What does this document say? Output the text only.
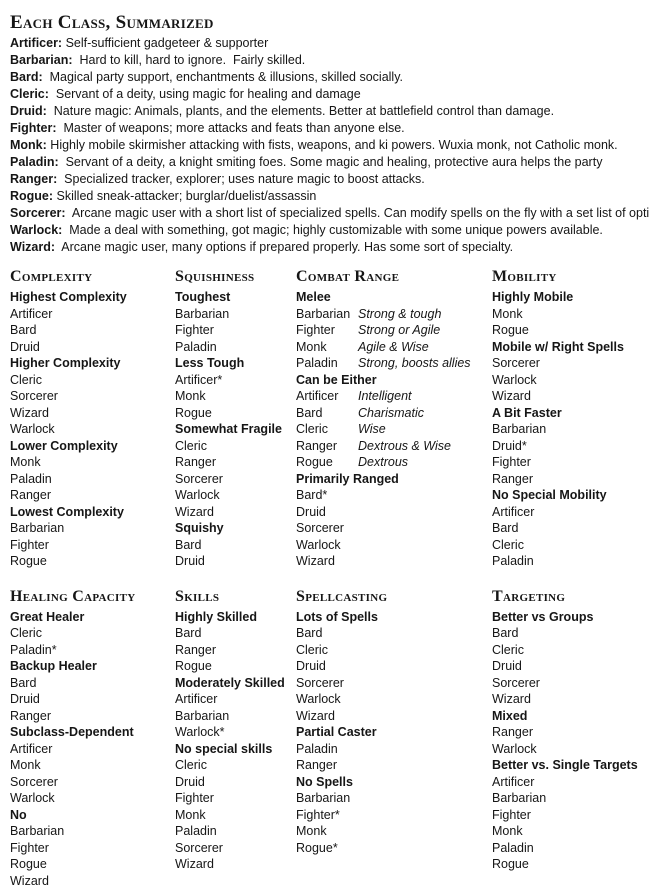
Each Class, Summarized
Artificer: Self-sufficient gadgeteer & supporter
Barbarian:  Hard to kill, hard to ignore.  Fairly skilled.
Bard:  Magical party support, enchantments & illusions, skilled socially.
Cleric:  Servant of a deity, using magic for healing and damage
Druid:  Nature magic: Animals, plants, and the elements. Better at battlefield control than damage.
Fighter:  Master of weapons; more attacks and feats than anyone else.
Monk: Highly mobile skirmisher attacking with fists, weapons, and ki powers. Wuxia monk, not Catholic monk.
Paladin:  Servant of a deity, a knight smiting foes. Some magic and healing, protective aura helps the party
Ranger:  Specialized tracker, explorer; uses nature magic to boost attacks.
Rogue: Skilled sneak-attacker; burglar/duelist/assassin
Sorcerer:  Arcane magic user with a short list of specialized spells. Can modify spells on the fly with a set list of opti
Warlock:  Made a deal with something, got magic; highly customizable with some unique powers available.
Wizard:  Arcane magic user, many options if prepared properly. Has some sort of specialty.
Complexity
Highest Complexity
Artificer
Bard
Druid
Higher Complexity
Cleric
Sorcerer
Wizard
Warlock
Lower Complexity
Monk
Paladin
Ranger
Lowest Complexity
Barbarian
Fighter
Rogue
Squishiness
Toughest
Barbarian
Fighter
Paladin
Less Tough
Artificer*
Monk
Rogue
Somewhat Fragile
Cleric
Ranger
Sorcerer
Warlock
Wizard
Squishy
Bard
Druid
Combat Range
Melee
Barbarian Strong & tough
Fighter Strong or Agile
Monk	Agile & Wise
Paladin Strong, boosts allies
Can be Either
Artificer Intelligent
Bard	Charismatic
Cleric Wise
Ranger Dextrous & Wise
Rogue Dextrous
Primarily Ranged
Bard*
Druid
Sorcerer
Warlock
Wizard
Mobility
Highly Mobile
Monk
Rogue
Mobile w/ Right Spells
Sorcerer
Warlock
Wizard
A Bit Faster
Barbarian
Druid*
Fighter
Ranger
No Special Mobility
Artificer
Bard
Cleric
Paladin
Healing Capacity
Great Healer
Cleric
Paladin*
Backup Healer
Bard
Druid
Ranger
Subclass-Dependent
Artificer
Monk
Sorcerer
Warlock
No
Barbarian
Fighter
Rogue
Wizard
Skills
Highly Skilled
Bard
Ranger
Rogue
Moderately Skilled
Artificer
Barbarian
Warlock*
No special skills
Cleric
Druid
Fighter
Monk
Paladin
Sorcerer
Wizard
Spellcasting
Lots of Spells
Bard
Cleric
Druid
Sorcerer
Warlock
Wizard
Partial Caster
Paladin
Ranger
No Spells
Barbarian
Fighter*
Monk
Rogue*
Targeting
Better vs Groups
Bard
Cleric
Druid
Sorcerer
Wizard
Mixed
Ranger
Warlock
Better vs. Single Targets
Artificer
Barbarian
Fighter
Monk
Paladin
Rogue
